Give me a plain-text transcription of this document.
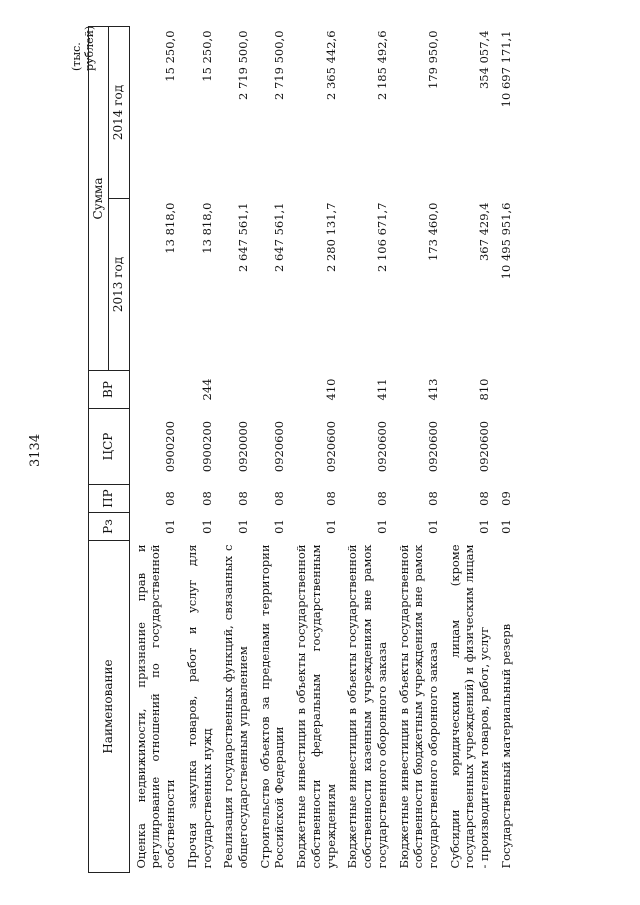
3134
(тыс. рублей)
Наименование	Рз	ПР	ЦСР	ВР	Сумма	
					2013 год	2014 год
Оценка недвижимости, признание прав и регулирование отношений по государственной собственности	01	08	0900200		13 818,0	15 250,0
Прочая закупка товаров, работ и услуг для государственных нужд	01	08	0900200	244	13 818,0	15 250,0
Реализация государственных функций, связанных с общегосударственным управлением	01	08	0920000		2 647 561,1	2 719 500,0
Строительство объектов за пределами территории Российской Федерации	01	08	0920600		2 647 561,1	2 719 500,0
Бюджетные инвестиции в объекты государственной собственности федеральным государственным учреждениям	01	08	0920600	410	2 280 131,7	2 365 442,6
Бюджетные инвестиции в объекты государственной собственности казенным учреждениям вне рамок государственного оборонного заказа	01	08	0920600	411	2 106 671,7	2 185 492,6
Бюджетные инвестиции в объекты государственной собственности бюджетным учреждениям вне рамок государственного оборонного заказа	01	08	0920600	413	173 460,0	179 950,0
Субсидии юридическим лицам (кроме государственных учреждений) и физическим лицам - производителям товаров, работ, услуг	01	08	0920600	810	367 429,4	354 057,4
Государственный материальный резерв	01	09			10 495 951,6	10 697 171,1
